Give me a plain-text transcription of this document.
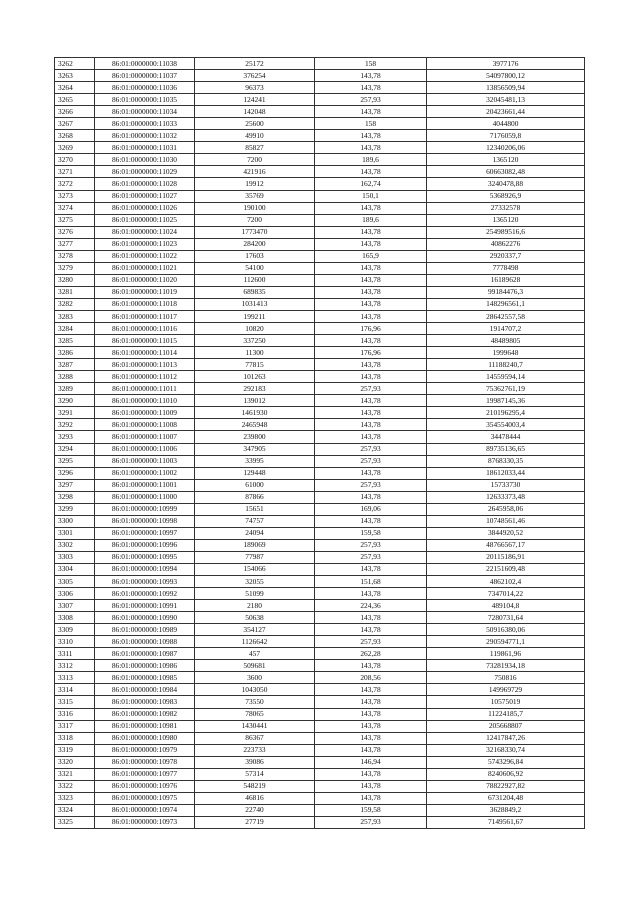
3262	86:01:0000000:11038	25172	158	3977176
3263	86:01:0000000:11037	376254	143,78	54097800,12
3264	86:01:0000000:11036	96373	143,78	13856509,94
3265	86:01:0000000:11035	124241	257,93	32045481,13
3266	86:01:0000000:11034	142048	143,78	20423661,44
3267	86:01:0000000:11033	25600	158	4044800
3268	86:01:0000000:11032	49910	143,78	7176059,8
3269	86:01:0000000:11031	85827	143,78	12340206,06
3270	86:01:0000000:11030	7200	189,6	1365120
3271	86:01:0000000:11029	421916	143,78	60663082,48
3272	86:01:0000000:11028	19912	162,74	3240478,88
3273	86:01:0000000:11027	35769	150,1	5368926,9
3274	86:01:0000000:11026	190100	143,78	27332578
3275	86:01:0000000:11025	7200	189,6	1365120
3276	86:01:0000000:11024	1773470	143,78	254989516,6
3277	86:01:0000000:11023	284200	143,78	40862276
3278	86:01:0000000:11022	17603	165,9	2920337,7
3279	86:01:0000000:11021	54100	143,78	7778498
3280	86:01:0000000:11020	112600	143,78	16189628
3281	86:01:0000000:11019	689835	143,78	99184476,3
3282	86:01:0000000:11018	1031413	143,78	148296561,1
3283	86:01:0000000:11017	199211	143,78	28642557,58
3284	86:01:0000000:11016	10820	176,96	1914707,2
3285	86:01:0000000:11015	337250	143,78	48489805
3286	86:01:0000000:11014	11300	176,96	1999648
3287	86:01:0000000:11013	77815	143,78	11188240,7
3288	86:01:0000000:11012	101263	143,78	14559594,14
3289	86:01:0000000:11011	292183	257,93	75362761,19
3290	86:01:0000000:11010	139012	143,78	19987145,36
3291	86:01:0000000:11009	1461930	143,78	210196295,4
3292	86:01:0000000:11008	2465948	143,78	354554003,4
3293	86:01:0000000:11007	239800	143,78	34478444
3294	86:01:0000000:11006	347905	257,93	89735136,65
3295	86:01:0000000:11003	33995	257,93	8768330,35
3296	86:01:0000000:11002	129448	143,78	18612033,44
3297	86:01:0000000:11001	61000	257,93	15733730
3298	86:01:0000000:11000	87866	143,78	12633373,48
3299	86:01:0000000:10999	15651	169,06	2645958,06
3300	86:01:0000000:10998	74757	143,78	10748561,46
3301	86:01:0000000:10997	24094	159,58	3844920,52
3302	86:01:0000000:10996	189069	257,93	48766567,17
3303	86:01:0000000:10995	77987	257,93	20115186,91
3304	86:01:0000000:10994	154066	143,78	22151609,48
3305	86:01:0000000:10993	32055	151,68	4862102,4
3306	86:01:0000000:10992	51099	143,78	7347014,22
3307	86:01:0000000:10991	2180	224,36	489104,8
3308	86:01:0000000:10990	50638	143,78	7280731,64
3309	86:01:0000000:10989	354127	143,78	50916380,06
3310	86:01:0000000:10988	1126642	257,93	290594771,1
3311	86:01:0000000:10987	457	262,28	119861,96
3312	86:01:0000000:10986	509681	143,78	73281934,18
3313	86:01:0000000:10985	3600	208,56	750816
3314	86:01:0000000:10984	1043050	143,78	149969729
3315	86:01:0000000:10983	73550	143,78	10575019
3316	86:01:0000000:10982	78065	143,78	11224185,7
3317	86:01:0000000:10981	1430441	143,78	205668807
3318	86:01:0000000:10980	86367	143,78	12417847,26
3319	86:01:0000000:10979	223733	143,78	32168330,74
3320	86:01:0000000:10978	39086	146,94	5743296,84
3321	86:01:0000000:10977	57314	143,78	8240606,92
3322	86:01:0000000:10976	548219	143,78	78822927,82
3323	86:01:0000000:10975	46816	143,78	6731204,48
3324	86:01:0000000:10974	22740	159,58	3628849,2
3325	86:01:0000000:10973	27719	257,93	7149561,67
